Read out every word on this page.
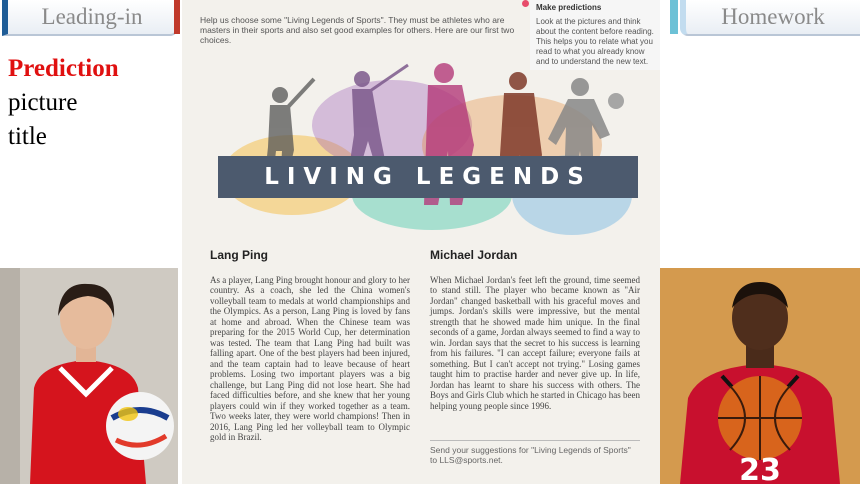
Leading-in	Homework
Prediction
picture
title
23
Help us choose some "Living Legends of Sports". They must be athletes who are masters in their sports and also set good examples for others. Here are our first two choices.
Make predictions
Look at the pictures and think about the content before reading. This helps you to relate what you read to what you already know and to understand the new text.
LIVING LEGENDS
Lang Ping

As a player, Lang Ping brought honour and glory to her country. As a coach, she led the China women's volleyball team to medals at world championships and the Olympics. As a person, Lang Ping is loved by fans at home and abroad. When the Chinese team was preparing for the 2015 World Cup, her determination was tested. The team that Lang Ping had built was falling apart. One of the best players had been injured, and the team captain had to leave because of heart problems. Losing two important players was a big challenge, but Lang Ping did not lose heart. She had faced difficulties before, and she knew that her young players could win if they worked together as a team. Two weeks later, they were world champions! Then in 2016, Lang Ping led her volleyball team to Olympic gold in Brazil.

Michael Jordan

When Michael Jordan's feet left the ground, time seemed to stand still. The player who became known as "Air Jordan" changed basketball with his graceful moves and jumps. Jordan's skills were impressive, but the mental strength that he showed made him unique. In the final seconds of a game, Jordan always seemed to find a way to win. Jordan says that the secret to his success is learning from his failures. "I can accept failure; everyone fails at something. But I can't accept not trying." Losing games taught him to practise harder and never give up. In life, Jordan has learnt to share his success with others. The Boys and Girls Club which he started in Chicago has been helping young people since 1996.

Send your suggestions for "Living Legends of Sports" to LLS@sports.net.
